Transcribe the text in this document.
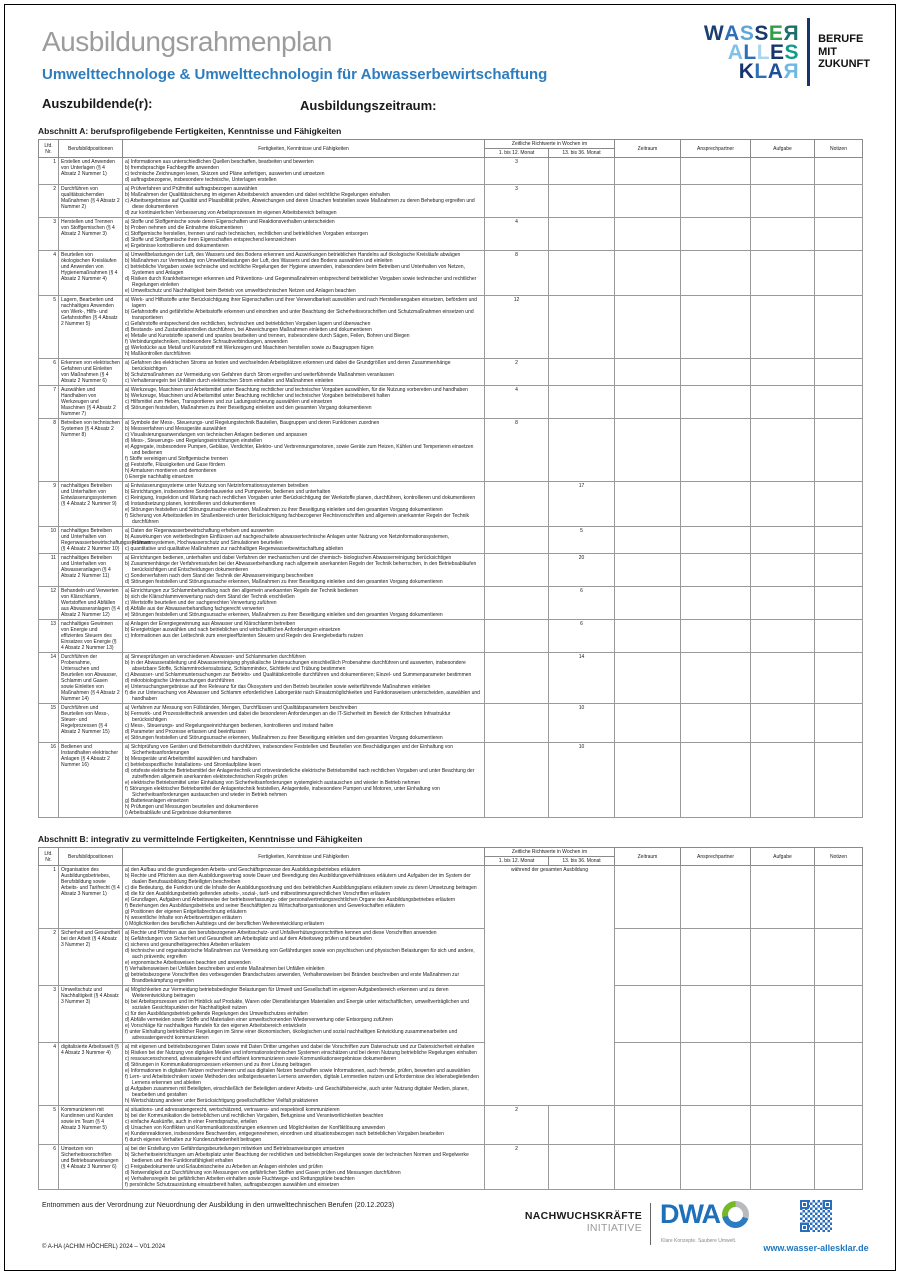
Ausbildungsrahmenplan
Umwelttechnologe & Umwelttechnologin für Abwasserbewirtschaftung
Auszubildende(r):	Ausbildungszeitraum:
WASSER
ALLES
KLAR
BERUFE
MIT
ZUKUNFT
Abschnitt A: berufsprofilgebende Fertigkeiten, Kenntnisse und Fähigkeiten
Lfd. Nr.	Berufsbildpositionen	Fertigkeiten, Kenntnisse und Fähigkeiten	Zeitliche Richtwerte in Wochen im		Zeitraum	Ansprechpartner	Aufgabe	Notizen
			1. bis 12. Monat	13. bis 36. Monat				
1	Erstellen und Anwenden von Unterlagen (§ 4 Absatz 2 Nummer 1)	a) Informationen aus unterschiedlichen Quellen beschaffen, bearbeiten und bewerten
b) fremdsprachige Fachbegriffe anwenden
c) technische Zeichnungen lesen, Skizzen und Pläne anfertigen, auswerten und umsetzen
d) auftragsbezogene, insbesondere technische, Unterlagen erstellen	3					
2	Durchführen von qualitätssichernden Maßnahmen (§ 4 Absatz 2 Nummer 2)	a) Prüfverfahren und Prüfmittel auftragsbezogen auswählen
b) Maßnahmen der Qualitätssicherung im eigenen Arbeitsbereich anwenden und dabei rechtliche Regelungen einhalten
c) Arbeitsergebnisse auf Qualität und Plausibilität prüfen, Abweichungen und deren Ursachen feststellen sowie Maßnahmen zu deren Behebung ergreifen und diese dokumentieren
d) zur kontinuierlichen Verbesserung von Arbeitsprozessen im eigenen Arbeitsbereich beitragen	3					
3	Herstellen und Trennen von Stoffgemischen (§ 4 Absatz 2 Nummer 3)	a) Stoffe und Stoffgemische sowie deren Eigenschaften und Reaktionsverhalten unterscheiden
b) Proben nehmen und die Entnahme dokumentieren
c) Stoffgemische herstellen, trennen und nach technischen, rechtlichen und betrieblichen Vorgaben entsorgen
d) Stoffe und Stoffgemische ihren Eigenschaften entsprechend kennzeichnen
e) Ergebnisse kontrollieren und dokumentieren	4					
4	Beurteilen von ökologischen Kreisläufen und Anwenden von Hygienemaßnahmen (§ 4 Absatz 2 Nummer 4)	a) Umweltbelastungen der Luft, des Wassers und des Bodens erkennen und Auswirkungen betrieblichen Handelns auf ökologische Kreisläufe abwägen
b) Maßnahmen zur Vermeidung von Umweltbelastungen der Luft, des Wassers und des Bodens auswählen und einleiten
c) betriebliche Vorgaben sowie technische und rechtliche Regelungen der Hygiene anwenden, insbesondere beim Betreiben und Unterhalten von Netzen, Systemen und Anlagen
d) Risiken durch Krankheitserreger erkennen und Präventions- und Gegenmaßnahmen entsprechend betrieblicher Vorgaben sowie technischer und rechtlicher Regelungen einleiten
e) Umweltschutz und Nachhaltigkeit beim Betrieb von umwelttechnischen Netzen und Anlagen beachten	8					
5	Lagern, Bearbeiten und nachhaltiges Anwenden von Werk-, Hilfs- und Gefahrstoffen (§ 4 Absatz 2 Nummer 5)	
a) Werk- und Hilfsstoffe unter Berücksichtigung ihrer Eigenschaften und ihrer Verwendbarkeit auswählen und nach Herstellerangaben einsetzen, befördern und lagern
b) Gefahrstoffe und gefährliche Arbeitsstoffe erkennen und einordnen und unter Beachtung der Sicherheitsvorschriften und Schutzmaßnahmen einsetzen und transportieren
c) Gefahrstoffe entsprechend den rechtlichen, technischen und betrieblichen Vorgaben lagern und überwachen
d) Bestands- und Zustandskontrollen durchführen, bei Abweichungen Maßnahmen einleiten und dokumentieren
e) Metalle und Kunststoffe spanend und spanlos bearbeiten und trennen, insbesondere durch Sägen, Feilen, Bohren und Biegen
f) Verbindungstechniken, insbesondere Schraubverbindungen, anwenden
g) Werkstücke aus Metall und Kunststoff mit Werkzeugen und Maschinen herstellen sowie zu Baugruppen fügen
h) Maßkontrollen durchführen
	12					
6	Erkennen von elektrischen Gefahren und Einleiten von Maßnahmen (§ 4 Absatz 2 Nummer 6)	a) Gefahren des elektrischen Stroms an festen und wechselnden Arbeitsplätzen erkennen und dabei die Grundgrößen und deren Zusammenhänge berücksichtigen
b) Schutzmaßnahmen zur Vermeidung von Gefahren durch Strom ergreifen und weiterführende Maßnahmen veranlassen
c) Verhaltensregeln bei Unfällen durch elektrischen Strom einhalten und Maßnahmen einleiten	2					
7	Auswählen und Handhaben von Werkzeugen und Maschinen (§ 4 Absatz 2 Nummer 7)	a) Werkzeuge, Maschinen und Arbeitsmittel unter Beachtung rechtlicher und technischer Vorgaben auswählen, für die Nutzung vorbereiten und handhaben
b) Werkzeuge, Maschinen und Arbeitsmittel unter Beachtung rechtlicher und technischer Vorgaben betriebsbereit halten
c) Hilfsmittel zum Heben, Transportieren und zur Ladungssicherung auswählen und einsetzen
d) Störungen feststellen, Maßnahmen zu ihrer Beseitigung einleiten und den gesamten Vorgang dokumentieren	4					
8	Betreiben von technischen Systemen (§ 4 Absatz 2 Nummer 8)	
a) Symbole der Mess-, Steuerungs- und Regelungstechnik Bauteilen, Baugruppen und deren Funktionen zuordnen
b) Messverfahren und Messgeräte auswählen
c) Visualisierungsanwendungen von technischen Anlagen bedienen und anpassen
d) Mess-, Steuerungs- und Regelungseinrichtungen einstellen
e) Aggregate, insbesondere Pumpen, Gebläse, Verdichter, Elektro- und Verbrennungsmotoren, sowie Geräte zum Heizen, Kühlen und Temperieren einsetzen und bedienen
f) Stoffe vereinigen und Stoffgemische trennen
g) Feststoffe, Flüssigkeiten und Gase fördern
h) Armaturen montieren und demontieren
i) Energie nachhaltig einsetzen
	8					
9	nachhaltiges Betreiben und Unterhalten von Entwässerungssystemen (§ 4 Absatz 2 Nummer 9)	
a) Entwässerungssysteme unter Nutzung von Netzinformationssystemen betreiben
b) Einrichtungen, insbesondere Sonderbauwerke und Pumpwerke, bedienen und unterhalten
c) Reinigung, Inspektion und Wartung nach rechtlichen Vorgaben unter Berücksichtigung der Werkstoffe planen, durchführen, kontrollieren und dokumentieren
d) Instandsetzung planen, kontrollieren und dokumentieren
e) Störungen feststellen und Störungsursache erkennen, Maßnahmen zu ihrer Beseitigung einleiten und den gesamten Vorgang dokumentieren
f) Sicherung von Arbeitsstellen im Straßenbereich unter Berücksichtigung fachbezogener Rechtsvorschriften und allgemein anerkannter Regeln der Technik durchführen
		17				
10	nachhaltiges Betreiben und Unterhalten von Regenwasserbewirtschaftungssystemen (§ 4 Absatz 2 Nummer 10)	a) Daten der Regenwasserbewirtschaftung erheben und auswerten
b) Auswirkungen von wetterbedingten Einflüssen auf nachgeschaltete abwassertechnische Anlagen unter Nutzung von Netzinformationssystemen, Frühwarnsystemen, Hochwasserschutz und Simulationen beurteilen
c) quantitative und qualitative Maßnahmen zur nachhaltigen Regenwasserbewirtschaftung ableiten		5				
11	nachhaltiges Betreiben und Unterhalten von Abwasseranlagen (§ 4 Absatz 2 Nummer 11)	a) Einrichtungen bedienen, unterhalten und dabei Verfahren der mechanischen und der chemisch- biologischen Abwasserreinigung berücksichtigen
b) Zusammenhänge der Verfahrensstufen bei der Abwasserbehandlung nach allgemein anerkannten Regeln der Technik beherrschen, in den Betriebsabläufen berücksichtigen und Entscheidungen dokumentieren
c) Sonderverfahren nach dem Stand der Technik der Abwasserreinigung beschreiben
d) Störungen feststellen und Störungsursache erkennen, Maßnahmen zu ihrer Beseitigung einleiten und den gesamten Vorgang dokumentieren		20				
12	Behandeln und Verwerten von Klärschlamm, Wertstoffen und Abfällen aus Abwasseranlagen (§ 4 Absatz 2 Nummer 12)	a) Einrichtungen zur Schlammbehandlung nach den allgemein anerkannten Regeln der Technik bedienen
b) sich die Klärschlammverwertung nach dem Stand der Technik erschließen
c) Wertstoffe beurteilen und der sachgerechten Verwertung zuführen
d) Abfälle aus der Abwasserbehandlung fachgerecht verwerten
e) Störungen feststellen und Störungsursache erkennen, Maßnahmen zu ihrer Beseitigung einleiten und den gesamten Vorgang dokumentieren		6				
13	nachhaltiges Gewinnen von Energie und effizientes Steuern des Einsatzes von Energie (§ 4 Absatz 2 Nummer 13)	a) Anlagen der Energiegewinnung aus Abwasser und Klärschlamm betreiben
b) Energieträger auswählen und nach betrieblichen und wirtschaftlichen Anforderungen einsetzen
c) Informationen aus der Leittechnik zum energieeffizienten Steuern und Regeln des Energiebedarfs nutzen		6				
14	Durchführen der Probenahme, Untersuchen und Beurteilen von Abwasser, Schlamm und Gasen sowie Einleiten von Maßnahmen (§ 4 Absatz 2 Nummer 14)	
a) Sinnesprüfungen an verschiedenen Abwasser- und Schlammarten durchführen
b) in der Abwasserableitung und Abwasserreinigung physikalische Untersuchungen einschließlich Probenahme durchführen und auswerten, insbesondere absetzbare Stoffe, Schlammtrockensubstanz, Schlammindex, Sichttiefe und Trübung bestimmen
c) Abwasser- und Schlammuntersuchungen zur Betriebs- und Qualitätskontrolle durchführen und dokumentieren; Einzel- und Summenparameter bestimmen
d) mikrobiologische Untersuchungen durchführen
e) Untersuchungsergebnisse auf ihre Relevanz für das Ökosystem und den Betrieb beurteilen sowie weiterführende Maßnahmen einleiten
f) die zur Untersuchung von Abwasser und Schlamm erforderlichen Laborgeräte nach Einsatzmöglichkeiten und Funktionsweisen unterscheiden, auswählen und handhaben
		14				
15	Durchführen und Beurteilen von Mess-, Steuer- und Regelprozessen (§ 4 Absatz 2 Nummer 15)	a) Verfahren zur Messung von Füllständen, Mengen, Durchflüssen und Qualitätsparametern beschreiben
b) Fernwirk- und Prozessleittechnik anwenden und dabei die besonderen Anforderungen an die IT-Sicherheit im Bereich der Kritischen Infrastruktur berücksichtigen
c) Mess-, Steuerungs- und Regelungseinrichtungen bedienen, kontrollieren und instand halten
d) Parameter und Prozesse erfassen und beeinflussen
e) Störungen feststellen und Störungsursache erkennen, Maßnahmen zu ihrer Beseitigung einleiten und den gesamten Vorgang dokumentieren		10				
16	Bedienen und Instandhalten elektrischer Anlagen (§ 4 Absatz 2 Nummer 16)	
a) Sichtprüfung von Geräten und Betriebsmitteln durchführen, insbesondere Feststellen und Beurteilen von Beschädigungen und der Einhaltung von Sicherheitsanforderungen
b) Messgeräte und Arbeitsmittel auswählen und handhaben
c) betriebsspezifische Installations- und Stromlaufpläne lesen
d) ortsfeste elektrische Betriebsmittel der Anlagentechnik und ortsveränderliche elektrische Betriebsmittel nach rechtlichen Vorgaben und unter Beachtung der zutreffenden allgemein anerkannten elektrotechnischen Regeln prüfen
e) elektrische Betriebsmittel unter Einhaltung von Sicherheitsanforderungen systemgleich austauschen und wieder in Betrieb nehmen
f) Störungen elektrischer Betriebsmittel der Anlagentechnik feststellen, Anlagenteile, insbesondere Pumpen und Motoren, unter Einhaltung von Sicherheitsanforderungen austauschen und wieder in Betrieb nehmen
g) Batterieanlagen einsetzen
h) Prüfungen und Messungen beurteilen und dokumentieren
i) Arbeitsabläufe und Ergebnisse dokumentieren
		10				
Abschnitt B: integrativ zu vermittelnde Fertigkeiten, Kenntnisse und Fähigkeiten
Lfd. Nr.	Berufsbildpositionen	Fertigkeiten, Kenntnisse und Fähigkeiten	Zeitliche Richtwerte in Wochen im		Zeitraum	Ansprechpartner	Aufgabe	Notizen
			1. bis 12. Monat	13. bis 36. Monat				
1	Organisation des Ausbildungsbetriebes, Berufsbildung sowie Arbeits- und Tarifrecht (§ 4 Absatz 3 Nummer 1)	
a) den Aufbau und die grundlegenden Arbeits- und Geschäftsprozesse des Ausbildungsbetriebes erläutern
b) Rechte und Pflichten aus dem Ausbildungsvertrag sowie Dauer und Beendigung des Ausbildungsverhältnisses erläutern und Aufgaben der im System der dualen Berufsausbildung Beteiligten beschreiben
c) die Bedeutung, die Funktion und die Inhalte der Ausbildungsordnung und des betrieblichen Ausbildungsplans erläutern sowie zu deren Umsetzung beitragen
d) die für den Ausbildungsbetrieb geltenden arbeits-, sozial-, tarif- und mitbestimmungsrechtlichen Vorschriften erläutern
e) Grundlagen, Aufgaben und Arbeitsweise der betriebsverfassungs- oder personalvertretungsrechtlichen Organe des Ausbildungsbetriebes erläutern
f) Beziehungen des Ausbildungsbetriebs und seiner Beschäftigten zu Wirtschaftsorganisationen und Gewerkschaften erläutern
g) Positionen der eigenen Entgeltabrechnung erläutern
h) wesentliche Inhalte von Arbeitsverträgen erläutern
i) Möglichkeiten des beruflichen Aufstiegs und der beruflichen Weiterentwicklung erläutern
	während der gesamten Ausbildung				
2	Sicherheit und Gesundheit bei der Arbeit (§ 4 Absatz 3 Nummer 2)	
a) Rechte und Pflichten aus den berufsbezogenen Arbeitsschutz- und Unfallverhütungsvorschriften kennen und diese Vorschriften anwenden
b) Gefährdungen von Sicherheit und Gesundheit am Arbeitsplatz und auf dem Arbeitsweg prüfen und beurteilen
c) sicheres und gesundheitsgerechtes Arbeiten erläutern
d) technische und organisatorische Maßnahmen zur Vermeidung von Gefährdungen sowie von psychischen und physischen Belastungen für sich und andere, auch präventiv, ergreifen
e) ergonomische Arbeitsweisen beachten und anwenden
f) Verhaltensweisen bei Unfällen beschreiben und erste Maßnahmen bei Unfällen einleiten
g) betriebsbezogene Vorschriften des vorbeugenden Brandschutzes anwenden, Verhaltensweisen bei Bränden beschreiben und erste Maßnahmen zur Brandbekämpfung ergreifen

3	Umweltschutz und Nachhaltigkeit (§ 4 Absatz 3 Nummer 3)	
a) Möglichkeiten zur Vermeidung betriebsbedingter Belastungen für Umwelt und Gesellschaft im eigenen Aufgabenbereich erkennen und zu deren Weiterentwicklung beitragen
b) bei Arbeitsprozessen und im Hinblick auf Produkte, Waren oder Dienstleistungen Materialien und Energie unter wirtschaftlichen, umweltverträglichen und sozialen Gesichtspunkten der Nachhaltigkeit nutzen
c) für den Ausbildungsbetrieb geltende Regelungen des Umweltschutzes einhalten
d) Abfälle vermeiden sowie Stoffe und Materialien einer umweltschonenden Wiederverwertung oder Entsorgung zuführen
e) Vorschläge für nachhaltiges Handeln für den eigenen Arbeitsbereich entwickeln
f) unter Einhaltung betrieblicher Regelungen im Sinne einer ökonomischen, ökologischen und sozial nachhaltigen Entwicklung zusammenarbeiten und adressatengerecht kommunizieren

4	digitalisierte Arbeitswelt (§ 4 Absatz 3 Nummer 4)	
a) mit eigenen und betriebsbezogenen Daten sowie mit Daten Dritter umgehen und dabei die Vorschriften zum Datenschutz und zur Datensicherheit einhalten
b) Risiken bei der Nutzung von digitalen Medien und informationstechnischen Systemen einschätzen und bei deren Nutzung betriebliche Regelungen einhalten
c) ressourcenschonend, adressatengerecht und effizient kommunizieren sowie Kommunikationsergebnisse dokumentieren
d) Störungen in Kommunikationsprozessen erkennen und zu ihrer Lösung beitragen
e) Informationen in digitalen Netzen recherchieren und aus digitalen Netzen beschaffen sowie Informationen, auch fremde, prüfen, bewerten und auswählen
f) Lern- und Arbeitstechniken sowie Methoden des selbstgesteuerten Lernens anwenden, digitale Lernmedien nutzen und Erfordernisse des lebensbegleitenden Lernens erkennen und ableiten
g) Aufgaben zusammen mit Beteiligten, einschließlich der Beteiligten anderer Arbeits- und Geschäftsbereiche, auch unter Nutzung digitaler Medien, planen, bearbeiten und gestalten
h) Wertschätzung anderer unter Berücksichtigung gesellschaftlicher Vielfalt praktizieren

5	Kommunizieren mit Kundinnen und Kunden sowie im Team (§ 4 Absatz 3 Nummer 5)	
a) situations- und adressatengerecht, wertschätzend, vertrauens- und respektvoll kommunizieren
b) bei der Kommunikation die betrieblichen und rechtlichen Vorgaben, Befugnisse und Verantwortlichkeiten beachten
c) einfache Auskünfte, auch in einer Fremdsprache, erteilen
d) Ursachen von Konflikten und Kommunikationsstörungen erkennen und Möglichkeiten der Konfliktlösung anwenden
e) Kundenreaktionen, insbesondere Beschwerden, entgegennehmen, einordnen und situationsbezogen nach betrieblichen Vorgaben bearbeiten
f) durch eigenes Verhalten zur Kundenzufriedenheit beitragen
	2					
6	Umsetzen von Sicherheitsvorschriften und Betriebsanweisungen (§ 4 Absatz 3 Nummer 6)	
a) bei der Erstellung von Gefährdungsbeurteilungen mitwirken und Betriebsanweisungen umsetzen
b) Sicherheitseinrichtungen am Arbeitsplatz unter Beachtung der rechtlichen und betrieblichen Regelungen sowie der technischen Normen und Regelwerke bedienen und ihre Funktionsfähigkeit erhalten
c) Freigabedokumente und Erlaubnisscheine zu Arbeiten an Anlagen einholen und prüfen
d) Notwendigkeit zur Durchführung von Messungen von gefährlichen Stoffen und Gasen prüfen und Messungen durchführen
e) Verhaltensregeln bei gefährlichen Arbeiten einhalten sowie Fluchtwege- und Rettungspläne beachten
f) persönliche Schutzausrüstung einsatzbereit halten, auftragsbezogen auswählen und einsetzen
	2					
Entnommen aus der Verordnung zur Neuordnung der Ausbildung in den umwelttechnischen Berufen (20.12.2023)
© A-HA (ACHIM HÖCHERL) 2024 – V01.2024
NACHWUCHSKRÄFTE
INITIATIVE DWA
Klare Konzepte. Saubere Umwelt.
www.wasser-allesklar.de
